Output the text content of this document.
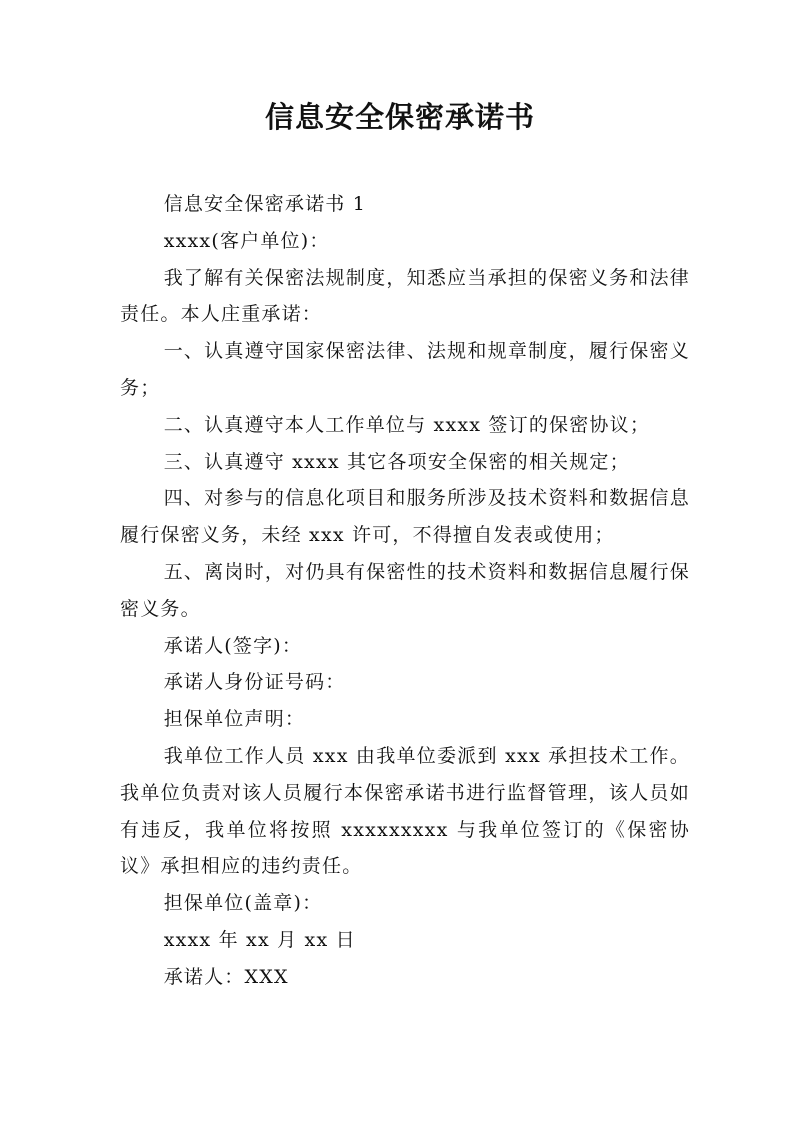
信息安全保密承诺书

信息安全保密承诺书 1

xxxx(客户单位)：

我了解有关保密法规制度，知悉应当承担的保密义务和法律责任。本人庄重承诺：

一、认真遵守国家保密法律、法规和规章制度，履行保密义务；

二、认真遵守本人工作单位与 xxxx 签订的保密协议；

三、认真遵守 xxxx 其它各项安全保密的相关规定；

四、对参与的信息化项目和服务所涉及技术资料和数据信息履行保密义务，未经 xxx 许可，不得擅自发表或使用；

五、离岗时，对仍具有保密性的技术资料和数据信息履行保密义务。

承诺人(签字)：

承诺人身份证号码：

担保单位声明：

我单位工作人员 xxx 由我单位委派到 xxx 承担技术工作。我单位负责对该人员履行本保密承诺书进行监督管理，该人员如有违反，我单位将按照 xxxxxxxxx 与我单位签订的《保密协议》承担相应的违约责任。

担保单位(盖章)：

xxxx 年 xx 月 xx 日

承诺人：XXX
